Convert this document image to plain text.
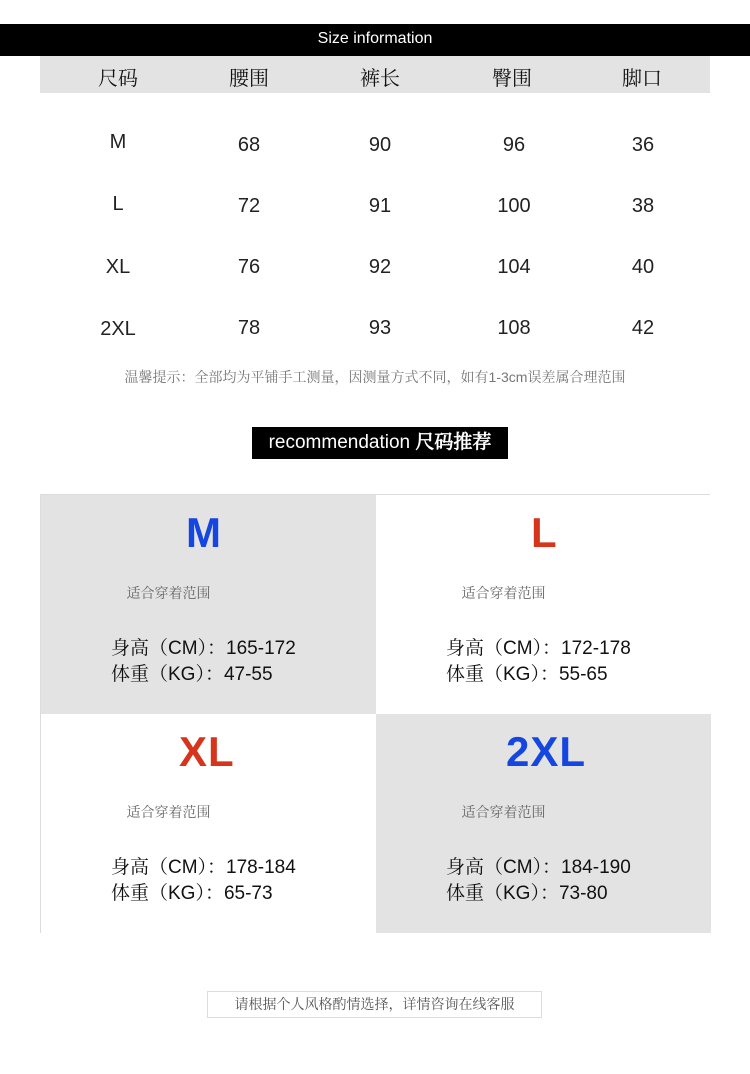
Size information
尺码	腰围	裤长	臀围	脚口
M	68	90	96	36
L	72	91	100	38
XL	76	92	104	40
2XL	78	93	108	42
温馨提示：全部均为平铺手工测量，因测量方式不同，如有1-3cm误差属合理范围
recommendation 尺码推荐
M
适合穿着范围
身高（CM）：165-172
体重（KG）：47-55
L
适合穿着范围
身高（CM）：172-178
体重（KG）：55-65
XL
适合穿着范围
身高（CM）：178-184
体重（KG）：65-73
2XL
适合穿着范围
身高（CM）：184-190
体重（KG）：73-80
请根据个人风格酌情选择，详情咨询在线客服
